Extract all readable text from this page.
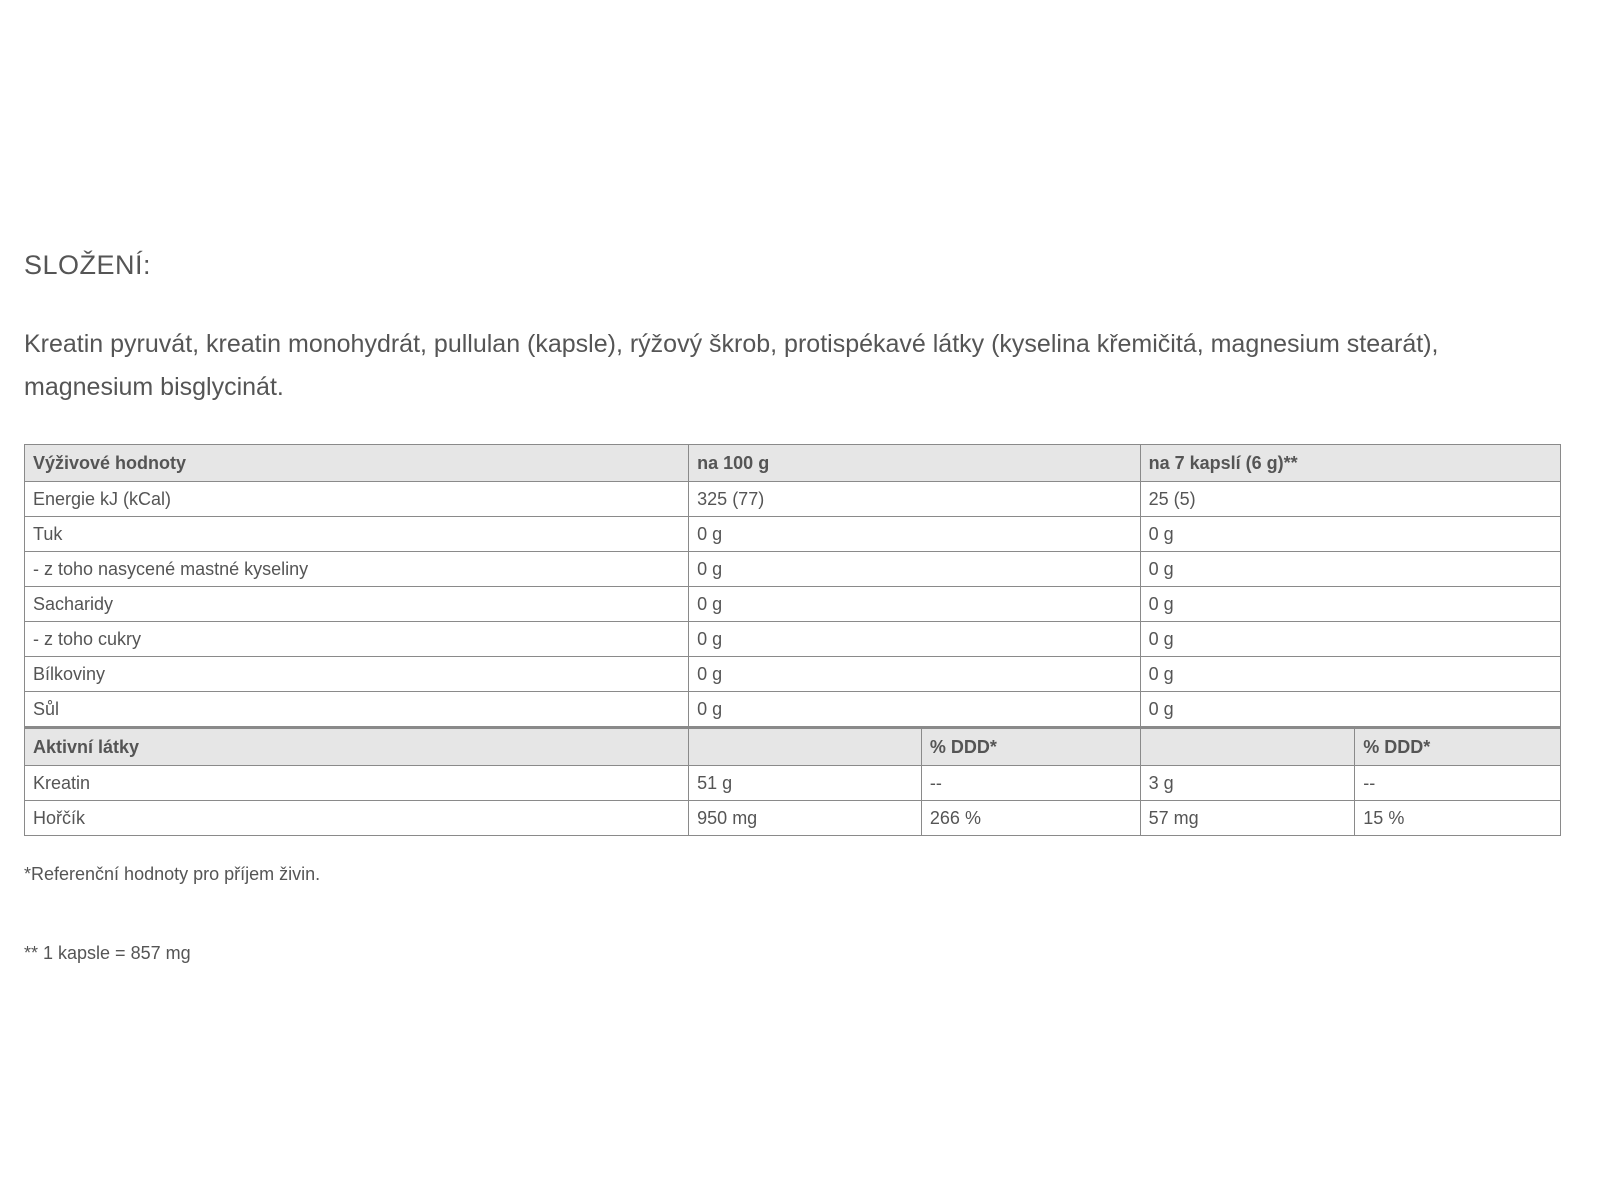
SLOŽENÍ:

Kreatin pyruvát, kreatin monohydrát, pullulan (kapsle), rýžový škrob, protispékavé látky (kyselina křemičitá, magnesium stearát), magnesium bisglycinát.

Výživové hodnoty	na 100 g		na 7 kapslí (6 g)**	
Energie kJ (kCal)	325 (77)		25 (5)	
Tuk	0 g		0 g	
- z toho nasycené mastné kyseliny	0 g		0 g	
Sacharidy	0 g		0 g	
- z toho cukry	0 g		0 g	
Bílkoviny	0 g		0 g	
Sůl	0 g		0 g	
Aktivní látky		% DDD*		% DDD*
Kreatin	51 g	--	3 g	--
Hořčík	950 mg	266 %	57 mg	15 %

*Referenční hodnoty pro příjem živin.

** 1 kapsle = 857 mg
